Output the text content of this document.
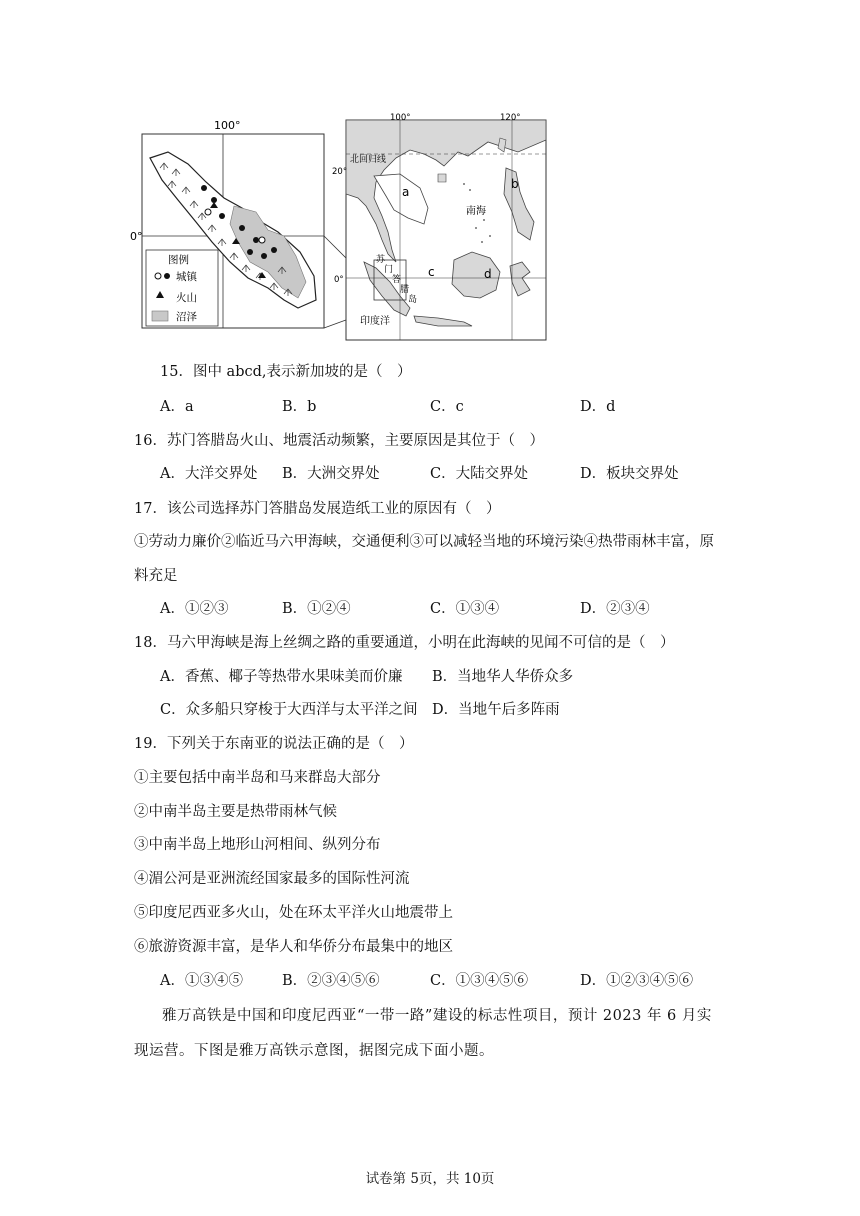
100°
0°
图例
城镇
火山
沼泽
100°	120°
20°
0°
北回归线
a
b
c	d
南海
苏
门
答
腊
岛
印度洋
15．图中 abcd,表示新加坡的是（　）
A．a	B．b	C．c	D．d
16．苏门答腊岛火山、地震活动频繁，主要原因是其位于（　）
A．大洋交界处 B．大洲交界处	C．大陆交界处	D．板块交界处
17．该公司选择苏门答腊岛发展造纸工业的原因有（　）
①劳动力廉价②临近马六甲海峡，交通便利③可以减轻当地的环境污染④热带雨林丰富，原
料充足
A．①②③	B．①②④	C．①③④	D．②③④
18．马六甲海峡是海上丝绸之路的重要通道，小明在此海峡的见闻不可信的是（　）
A．香蕉、椰子等热带水果味美而价廉 B．当地华人华侨众多
C．众多船只穿梭于大西洋与太平洋之间 D．当地午后多阵雨
19．下列关于东南亚的说法正确的是（　）
①主要包括中南半岛和马来群岛大部分
②中南半岛主要是热带雨林气候
③中南半岛上地形山河相间、纵列分布
④湄公河是亚洲流经国家最多的国际性河流
⑤印度尼西亚多火山，处在环太平洋火山地震带上
⑥旅游资源丰富，是华人和华侨分布最集中的地区
A．①③④⑤	B．②③④⑤⑥	C．①③④⑤⑥	D．①②③④⑤⑥
雅万高铁是中国和印度尼西亚“一带一路”建设的标志性项目，预计 2023 年 6 月实
现运营。下图是雅万高铁示意图，据图完成下面小题。
试卷第 5页，共 10页
